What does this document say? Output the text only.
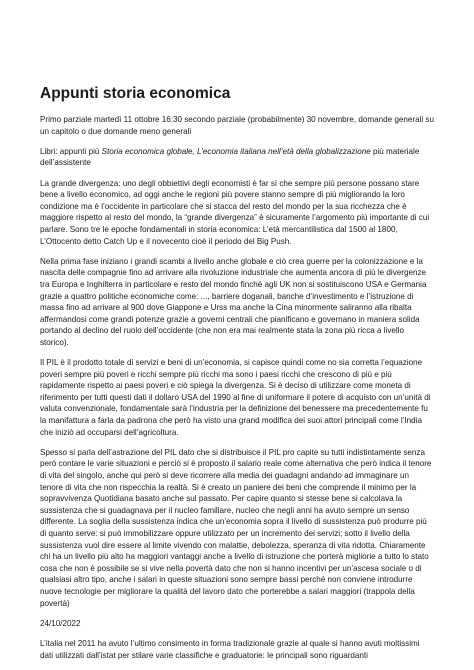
Appunti storia economica

Primo parziale martedì 11 ottobre 16:30 secondo parziale (probabilmente) 30 novembre, domande generali su un capitolo o due domande meno generali

Libri: appunti più Storia economica globale, L’economia italiana nell’età della globalizzazione più materiale dell’assistente

La grande divergenza: uno degli obbiettivi degli economisti è far sì che sempre più persone possano stare bene a livello economico, ad oggi anche le regioni più povere stanno sempre di più migliorando la loro condizione ma è l’occidente in particolare che si stacca del resto del mondo per la sua ricchezza che è maggiore rispetto al resto del mondo, la “grande divergenza” è sicuramente l’argomento più importante di cui parlare. Sono tre le epoche fondamentali in storia economica: L’età mercantilistica dal 1500 al 1800, L’Ottocento detto Catch Up e il novecento cioè il periodo del Big Push.

Nella prima fase iniziano i grandi scambi a livello anche globale e ciò crea guerre per la colonizzazione e la nascita delle compagnie fino ad arrivare alla rivoluzione industriale che aumenta ancora di più le divergenze tra Europa e Inghilterra in particolare e resto del mondo finché agli UK non si sostituiscono USA e Germania grazie a quattro politiche economiche come: ..., barriere doganali, banche d’investimento e l’istruzione di massa fino ad arrivare al 900 dove Giappone e Urss ma anche la Cina minormente saliranno alla ribalta affermandosi come grandi potenze grazie a governi centrali che pianificano e governano in maniera solida portando al declino del ruolo dell’occidente (che non era mai realmente stata la zona più ricca a livello storico).

Il PIL è il prodotto totale di servizi e beni di un’economia, si capisce quindi come no sia corretta l’equazione poveri sempre più poveri e ricchi sempre più ricchi ma sono i paesi ricchi che crescono di più e più rapidamente rispetto ai paesi poveri e ciò spiega la divergenza. Si è deciso di utilizzare come moneta di riferimento per tutti questi dati il dollaro USA del 1990 al fine di uniformare il potere di acquisto con un’unità di valuta convenzionale, fondamentale sarà l’industria per la definizione del benessere ma precedentemente fu la manifattura a farla da padrona che però ha visto una grand modifica dei suoi attori principali come l’India che iniziò ad occuparsi dell’agricoltura.

Spesso si parla dell’astrazione del PIL dato che si distribuisce il PIL pro capite su tutti indistintamente senza però contare le varie situazioni e perciò si è proposto il salario reale come alternativa che però indica il tenore di vita del singolo, anche qui però si deve ricorrere alla media dei guadagni andando ad immaginare un tenore di vita che non rispecchia la realtà. Si è creato un paniere dei beni che comprende il minimo per la sopravvivenza Quotidiana basato anche sul passato. Per capire quanto si stesse bene si calcolava la sussistenza che si guadagnava per il nucleo familiare, nucleo che negli anni ha avuto sempre un senso differente. La soglia della sussistenza indica che un’economia sopra il livello di sussistenza può produrre più di quanto serve: si può immobilizzare oppure utilizzato per un incremento dei servizi; sotto il livello della sussistenza vuol dire essere al limite vivendo con malattie, debolezza, speranza di vita ridotta. Chiaramente chi ha un livello più alto ha maggiori vantaggi anche a livello di istruzione che porterà migliorie a tutto lo stato cosa che non è possibile se si vive nella povertà dato che non si hanno incentivi per un’ascesa sociale o di qualsiasi altro tipo, anche i salari in queste situazioni sono sempre bassi perché non conviene introdurre nuove tecnologie per migliorare la qualità del lavoro dato che porterebbe a salari maggiori (trappola della povertà)

24/10/2022

L’italia nel 2011 ha avuto l’ultimo consimento in forma tradizionale grazie al quale si hanno avuti moltissimi dati utilizzati dall’istat per stilare varie classifiche e graduatorie: le principali sono riguardanti
